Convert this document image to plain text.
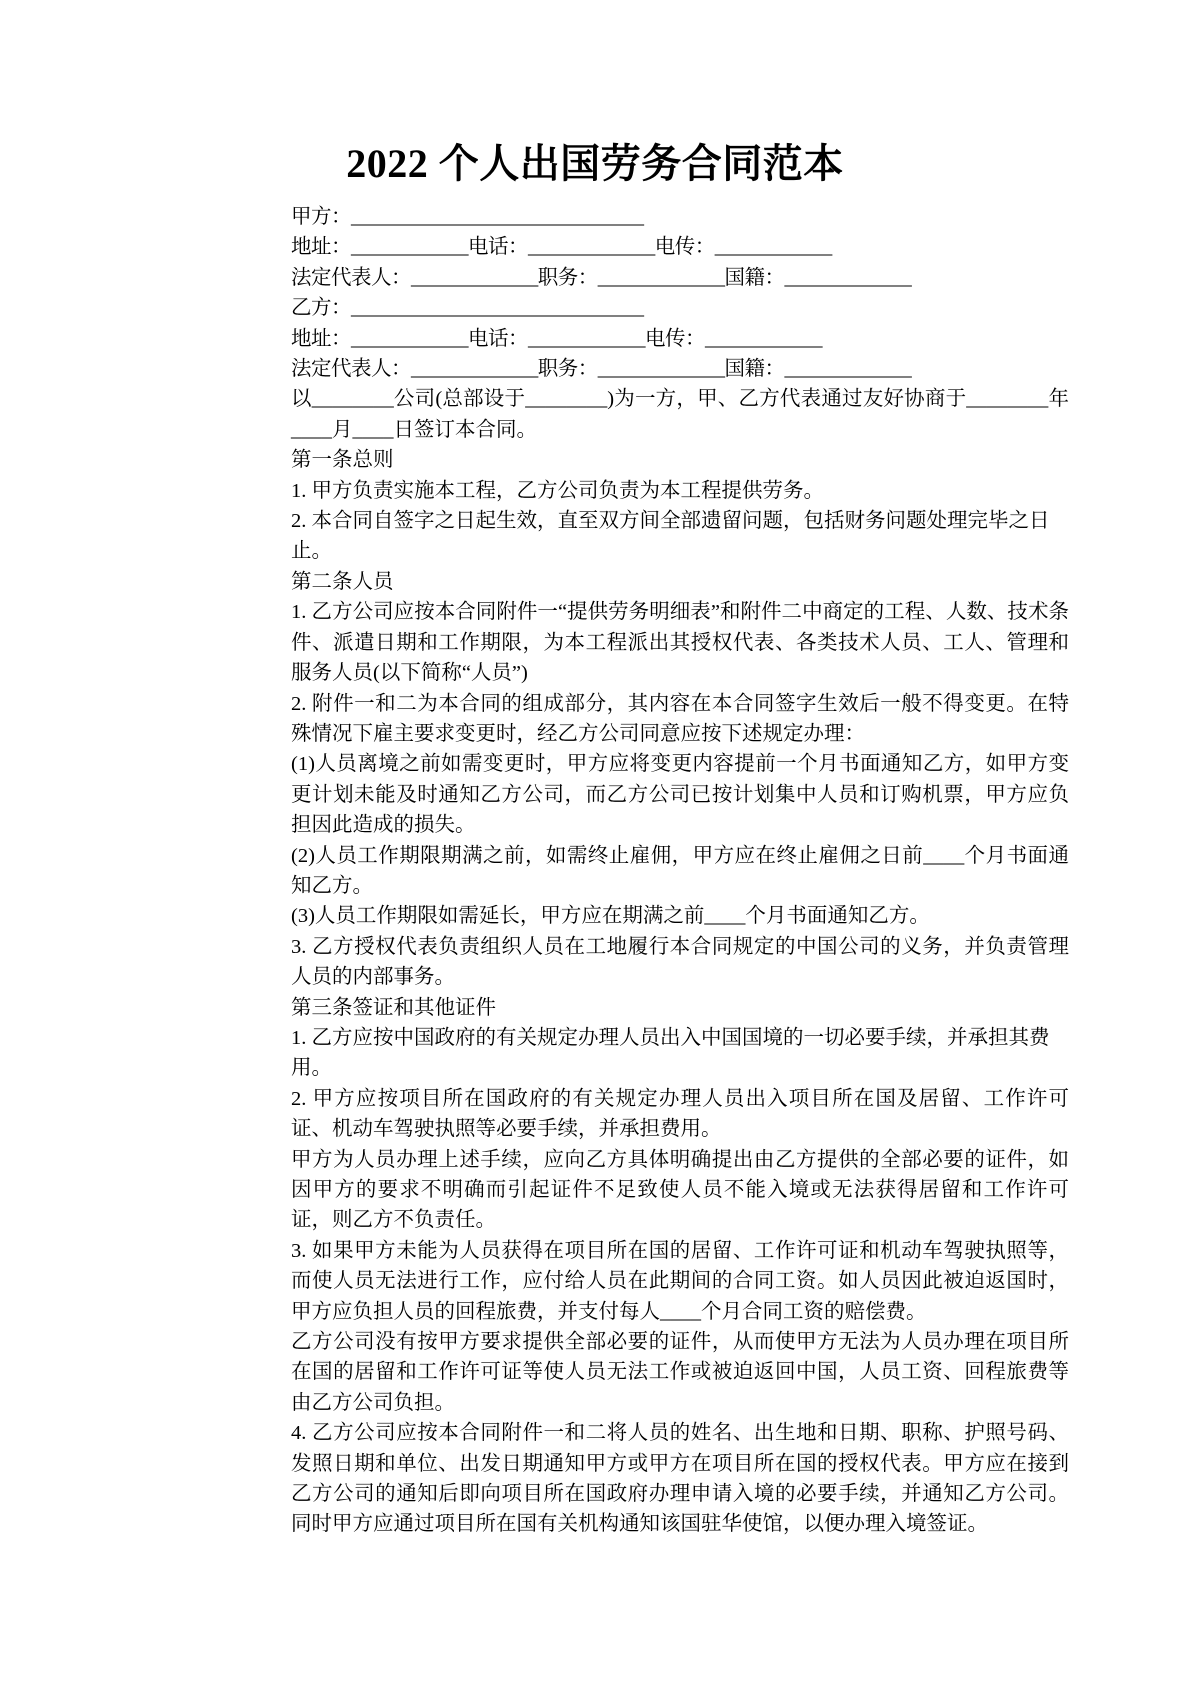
2022 个人出国劳务合同范本
甲方：______________________________
地址：____________电话：_____________电传：____________
法定代表人：_____________职务：_____________国籍：_____________
乙方：______________________________
地址：____________电话：____________电传：____________
法定代表人：_____________职务：_____________国籍：_____________

以________公司(总部设于________)为一方，甲、乙方代表通过友好协商于________年____月____日签订本合同。

第一条总则

1. 甲方负责实施本工程，乙方公司负责为本工程提供劳务。

2. 本合同自签字之日起生效，直至双方间全部遗留问题，包括财务问题处理完毕之日止。

第二条人员

1. 乙方公司应按本合同附件一“提供劳务明细表”和附件二中商定的工程、人数、技术条件、派遣日期和工作期限，为本工程派出其授权代表、各类技术人员、工人、管理和服务人员(以下简称“人员”)

2. 附件一和二为本合同的组成部分，其内容在本合同签字生效后一般不得变更。在特殊情况下雇主要求变更时，经乙方公司同意应按下述规定办理：

(1)人员离境之前如需变更时，甲方应将变更内容提前一个月书面通知乙方，如甲方变更计划未能及时通知乙方公司，而乙方公司已按计划集中人员和订购机票，甲方应负担因此造成的损失。

(2)人员工作期限期满之前，如需终止雇佣，甲方应在终止雇佣之日前____个月书面通知乙方。

(3)人员工作期限如需延长，甲方应在期满之前____个月书面通知乙方。

3. 乙方授权代表负责组织人员在工地履行本合同规定的中国公司的义务，并负责管理人员的内部事务。

第三条签证和其他证件

1. 乙方应按中国政府的有关规定办理人员出入中国国境的一切必要手续，并承担其费用。

2. 甲方应按项目所在国政府的有关规定办理人员出入项目所在国及居留、工作许可证、机动车驾驶执照等必要手续，并承担费用。

甲方为人员办理上述手续，应向乙方具体明确提出由乙方提供的全部必要的证件，如因甲方的要求不明确而引起证件不足致使人员不能入境或无法获得居留和工作许可证，则乙方不负责任。

3. 如果甲方未能为人员获得在项目所在国的居留、工作许可证和机动车驾驶执照等，而使人员无法进行工作，应付给人员在此期间的合同工资。如人员因此被迫返国时，甲方应负担人员的回程旅费，并支付每人____个月合同工资的赔偿费。

乙方公司没有按甲方要求提供全部必要的证件，从而使甲方无法为人员办理在项目所在国的居留和工作许可证等使人员无法工作或被迫返回中国，人员工资、回程旅费等由乙方公司负担。

4. 乙方公司应按本合同附件一和二将人员的姓名、出生地和日期、职称、护照号码、发照日期和单位、出发日期通知甲方或甲方在项目所在国的授权代表。甲方应在接到乙方公司的通知后即向项目所在国政府办理申请入境的必要手续，并通知乙方公司。同时甲方应通过项目所在国有关机构通知该国驻华使馆，以便办理入境签证。
